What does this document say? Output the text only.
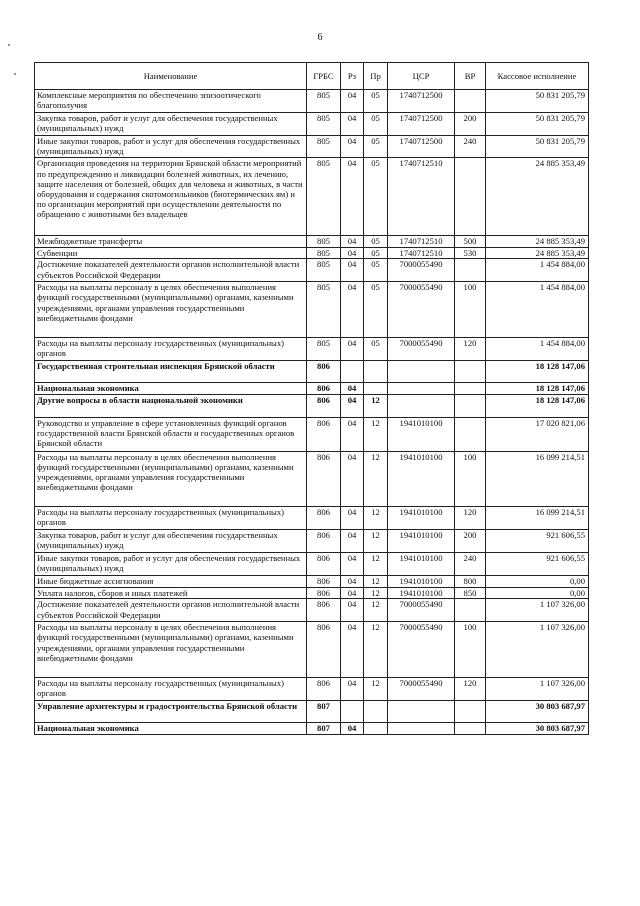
6
Наименование	ГРБС	Рз	Пр	ЦСР	ВР	Кассовое исполнение
Комплексные мероприятия по обеспечению эпизоотического благополучия	805	04	05	1740712500		50 831 205,79
Закупка товаров, работ и услуг для обеспечения государственных (муниципальных) нужд	805	04	05	1740712500	200	50 831 205,79
Иные закупки товаров, работ и услуг для обеспечения государственных (муниципальных) нужд	805	04	05	1740712500	240	50 831 205,79
Организация проведения на территории Брянской области мероприятий по предупреждению и ликвидации болезней животных, их лечению, защите населения от болезней, общих для человека и животных, в части оборудования и содержания скотомогильников (биотермических ям) и по организации мероприятий при осуществлении деятельности по обращению с животными без владельцев	805	04	05	1740712510		24 885 353,49
Межбюджетные трансферты	805	04	05	1740712510	500	24 885 353,49
Субвенции	805	04	05	1740712510	530	24 885 353,49
Достижение показателей деятельности органов исполнительной власти субъектов Российской Федерации	805	04	05	7000055490		1 454 884,00
Расходы на выплаты персоналу в целях обеспечения выполнения функций государственными (муниципальными) органами, казенными учреждениями, органами управления государственными внебюджетными фондами	805	04	05	7000055490	100	1 454 884,00
Расходы на выплаты персоналу государственных (муниципальных) органов	805	04	05	7000055490	120	1 454 884,00
Государственная строительная инспекция Брянской области	806					18 128 147,06
Национальная экономика	806	04				18 128 147,06
Другие вопросы в области национальной экономики	806	04	12			18 128 147,06
Руководство и управление в сфере установленных функций органов государственной власти Брянской области и государственных органов Брянской области	806	04	12	1941010100		17 020 821,06
Расходы на выплаты персоналу в целях обеспечения выполнения функций государственными (муниципальными) органами, казенными учреждениями, органами управления государственными внебюджетными фондами	806	04	12	1941010100	100	16 099 214,51
Расходы на выплаты персоналу государственных (муниципальных) органов	806	04	12	1941010100	120	16 099 214,51
Закупка товаров, работ и услуг для обеспечения государственных (муниципальных) нужд	806	04	12	1941010100	200	921 606,55
Иные закупки товаров, работ и услуг для обеспечения государственных (муниципальных) нужд	806	04	12	1941010100	240	921 606,55
Иные бюджетные ассигнования	806	04	12	1941010100	800	0,00
Уплата налогов, сборов и иных платежей	806	04	12	1941010100	850	0,00
Достижение показателей деятельности органов исполнительной власти субъектов Российской Федерации	806	04	12	7000055490		1 107 326,00
Расходы на выплаты персоналу в целях обеспечения выполнения функций государственными (муниципальными) органами, казенными учреждениями, органами управления государственными внебюджетными фондами	806	04	12	7000055490	100	1 107 326,00
Расходы на выплаты персоналу государственных (муниципальных) органов	806	04	12	7000055490	120	1 107 326,00
Управление архитектуры и градостроительства Брянской области	807					30 803 687,97
Национальная экономика	807	04				30 803 687,97
